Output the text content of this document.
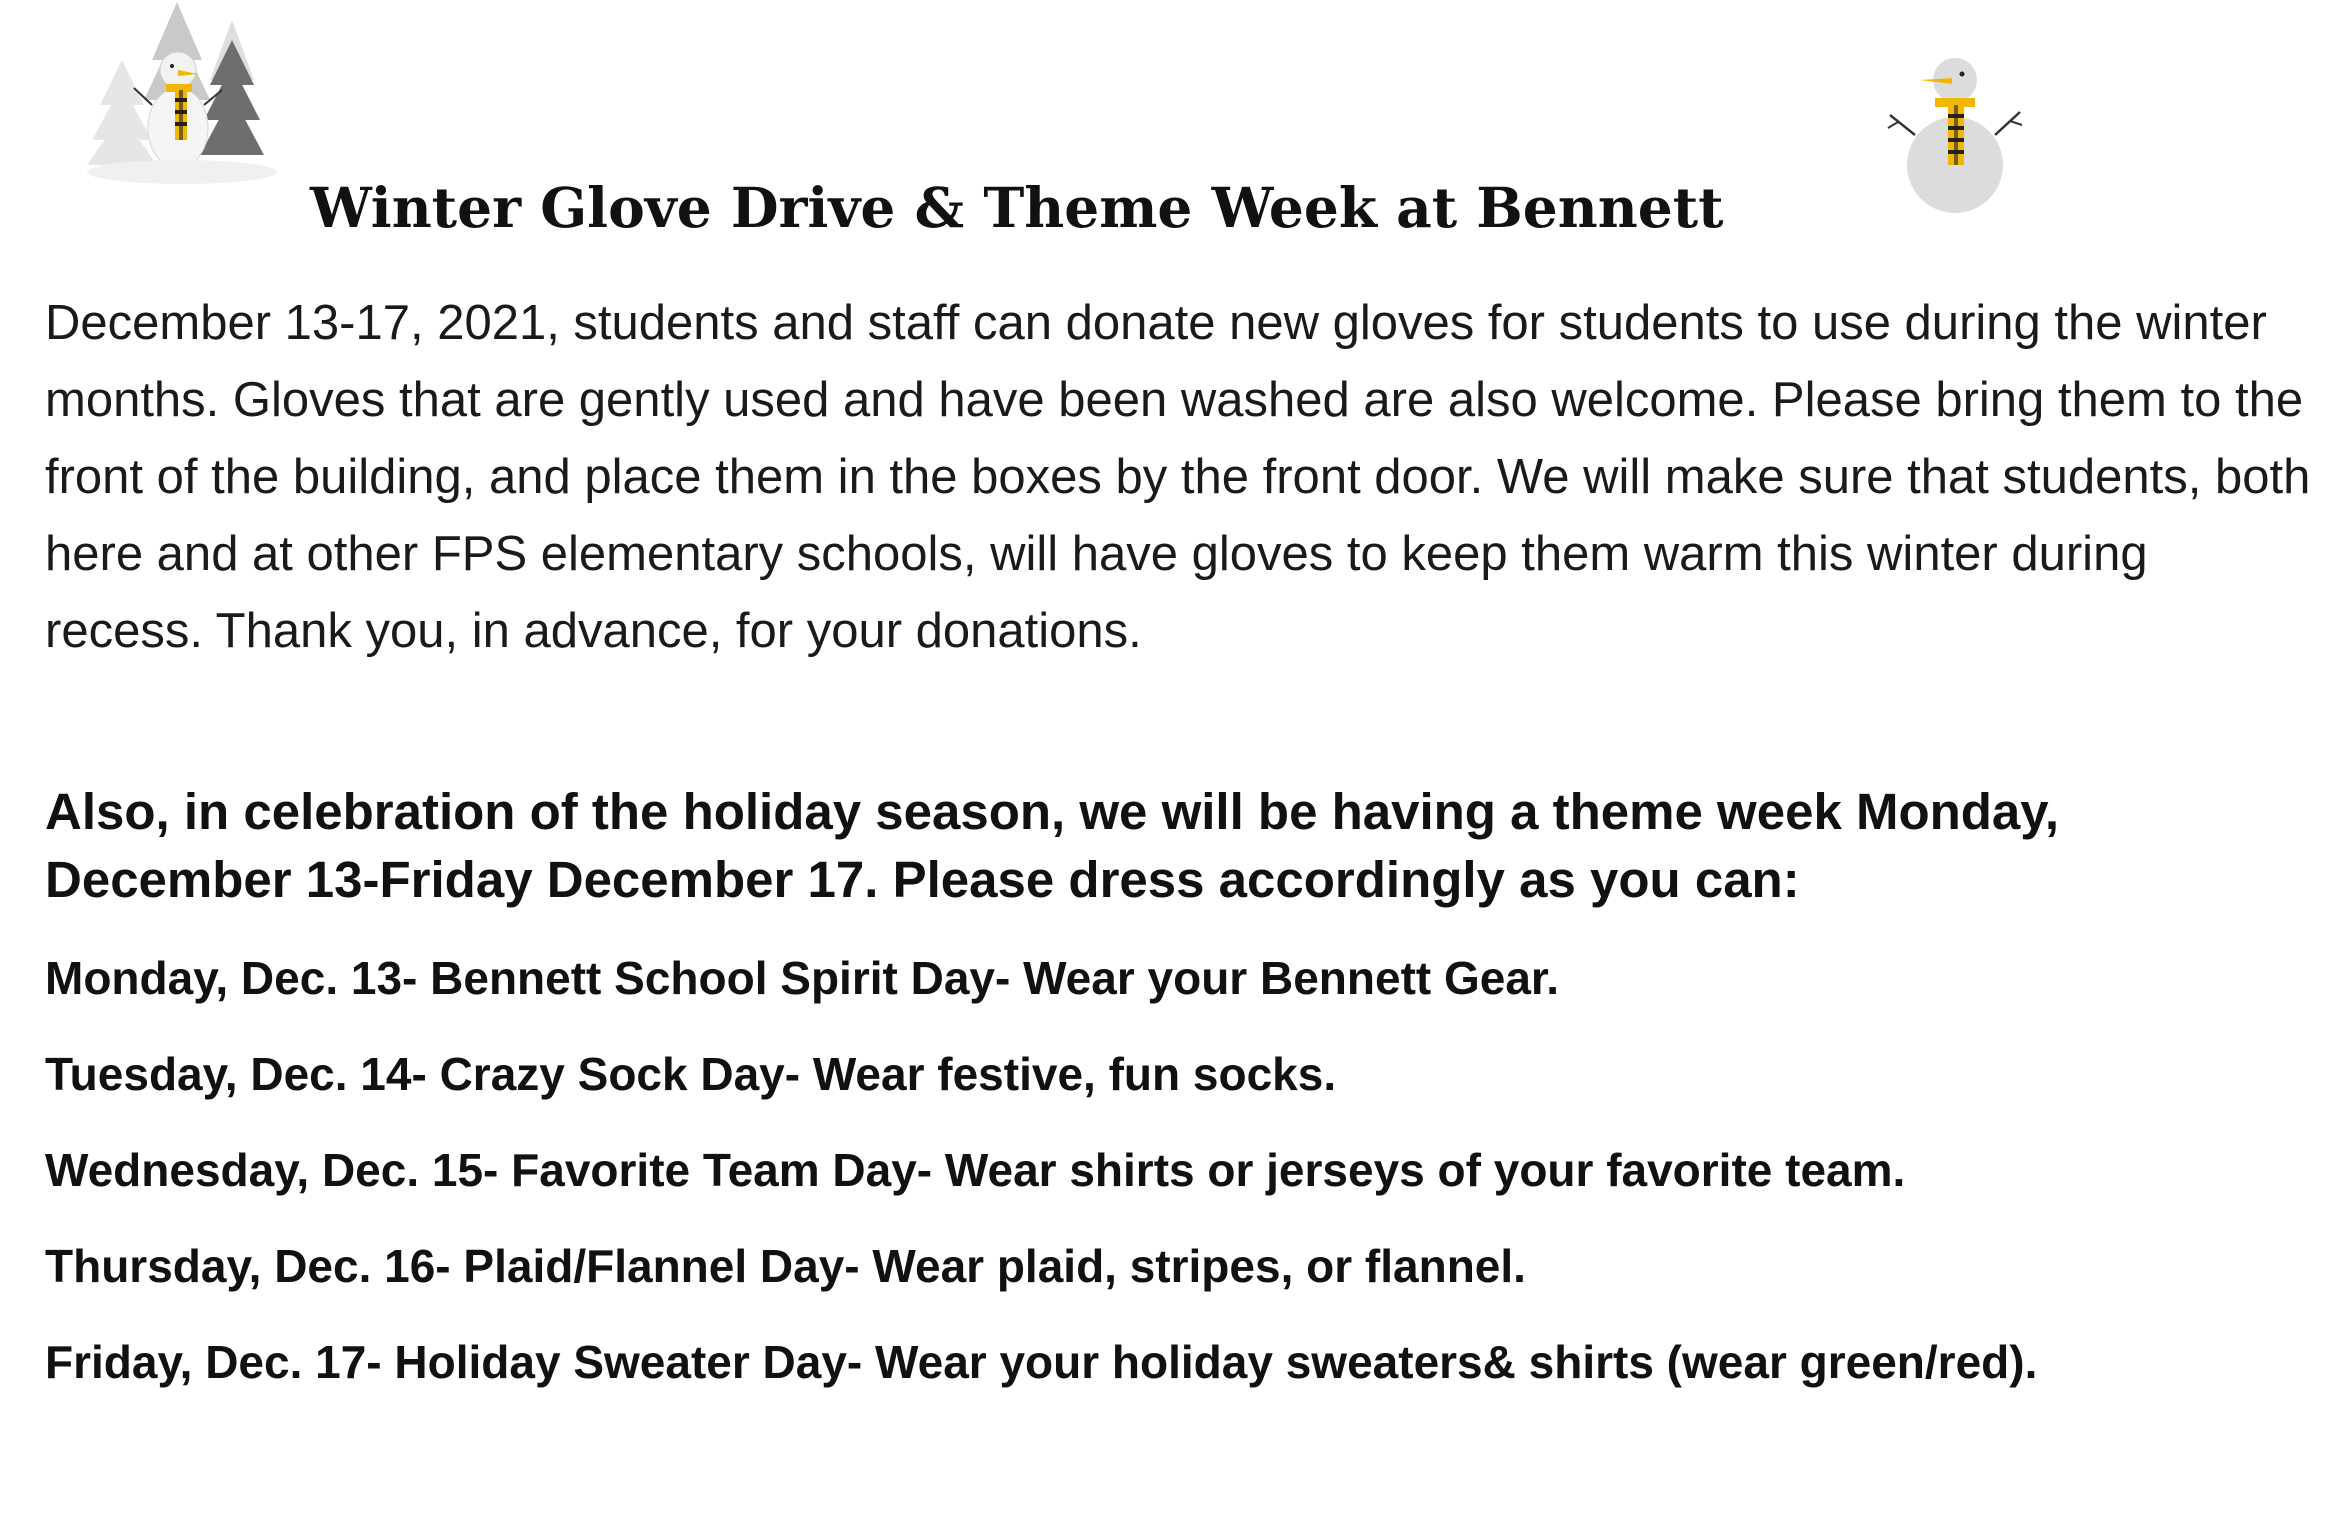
Winter Glove Drive & Theme Week at Bennett

December 13-17, 2021, students and staff can donate new gloves for students to use during the winter months. Gloves that are gently used and have been washed are also welcome. Please bring them to the front of the building, and place them in the boxes by the front door. We will make sure that students, both here and at other FPS elementary schools, will have gloves to keep them warm this winter during recess. Thank you, in advance, for your donations.

Also, in celebration of the holiday season, we will be having a theme week Monday, December 13-Friday December 17. Please dress accordingly as you can:

Monday, Dec. 13- Bennett School Spirit Day- Wear your Bennett Gear.
Tuesday, Dec. 14- Crazy Sock Day- Wear festive, fun socks.
Wednesday, Dec. 15- Favorite Team Day- Wear shirts or jerseys of your favorite team.
Thursday, Dec. 16- Plaid/Flannel Day- Wear plaid, stripes, or flannel.
Friday, Dec. 17- Holiday Sweater Day- Wear your holiday sweaters& shirts (wear green/red).
